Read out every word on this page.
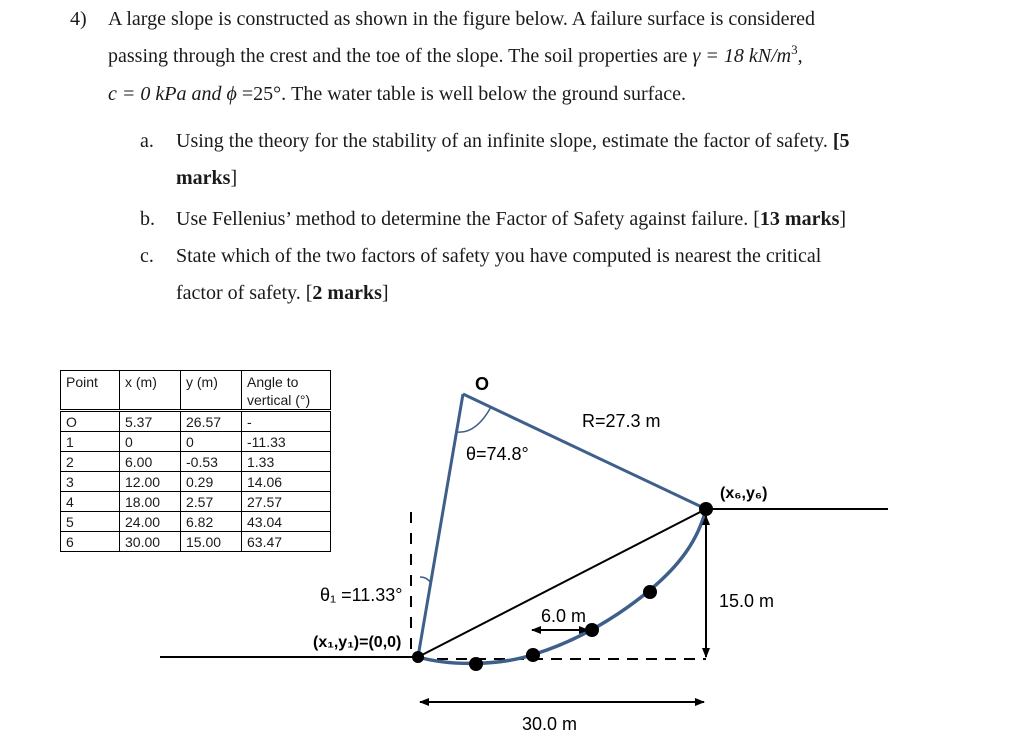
4) A large slope is constructed as shown in the figure below. A failure surface is considered
passing through the crest and the toe of the slope. The soil properties are γ = 18 $kN/m^3$,
c = 0 kPa and ϕ =25°. The water table is well below the ground surface.
a. Using the theory for the stability of an infinite slope, estimate the factor of safety. [5
marks]
b. Use Fellenius’ method to determine the Factor of Safety against failure. [13 marks]
c. State which of the two factors of safety you have computed is nearest the critical
factor of safety. [2 marks]
Point	x (m)	y (m)	Angle to vertical (°)
O	5.37	26.57	-
1	0	0	-11.33
2	6.00	-0.53	1.33
3	12.00	0.29	14.06
4	18.00	2.57	27.57
5	24.00	6.82	43.04
6	30.00	15.00	63.47
O
R=27.3 m
θ=74.8°
(x₆,y₆)
15.0 m
θ₁ =11.33°
6.0 m
(x₁,y₁)=(0,0)
30.0 m
